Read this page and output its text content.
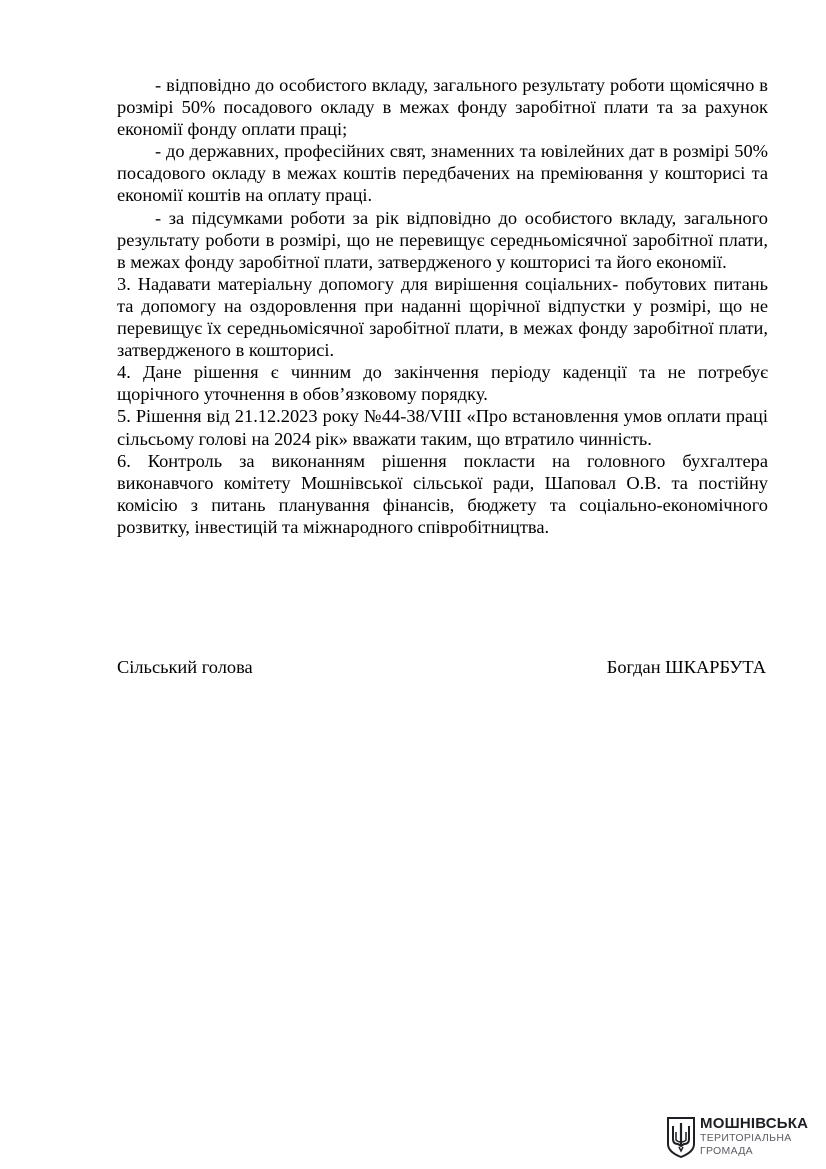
- відповідно до особистого вкладу, загального результату роботи щомісячно в розмірі 50% посадового окладу в межах фонду заробітної плати та за рахунок економії фонду оплати праці;

- до державних, професійних свят, знаменних та ювілейних дат в розмірі 50% посадового окладу в межах коштів передбачених на преміювання у кошторисі та економії коштів на оплату праці.

- за підсумками роботи за рік відповідно до особистого вкладу, загального результату роботи в розмірі, що не перевищує середньомісячної заробітної плати, в межах фонду заробітної плати, затвердженого у кошторисі та його економії.

3. Надавати матеріальну допомогу для вирішення соціальних- побутових питань та допомогу на оздоровлення при наданні щорічної відпустки у розмірі, що не перевищує їх середньомісячної заробітної плати, в межах фонду заробітної плати, затвердженого в кошторисі.

4. Дане рішення є чинним до закінчення періоду каденції та не потребує щорічного уточнення в обов’язковому порядку.

5. Рішення від 21.12.2023 року №44-38/VIII «Про встановлення умов оплати праці сільсьому голові на 2024 рік» вважати таким, що втратило чинність.

6. Контроль за виконанням рішення покласти на головного бухгалтера виконавчого комітету Мошнівської сільської ради, Шаповал О.В. та постійну комісію з питань планування фінансів, бюджету та соціально-економічного розвитку, інвестицій та міжнародного співробітництва.

Сільський голова	Богдан ШКАРБУТА
МОШНІВСЬКА
ТЕРИТОРІАЛЬНА
ГРОМАДА
